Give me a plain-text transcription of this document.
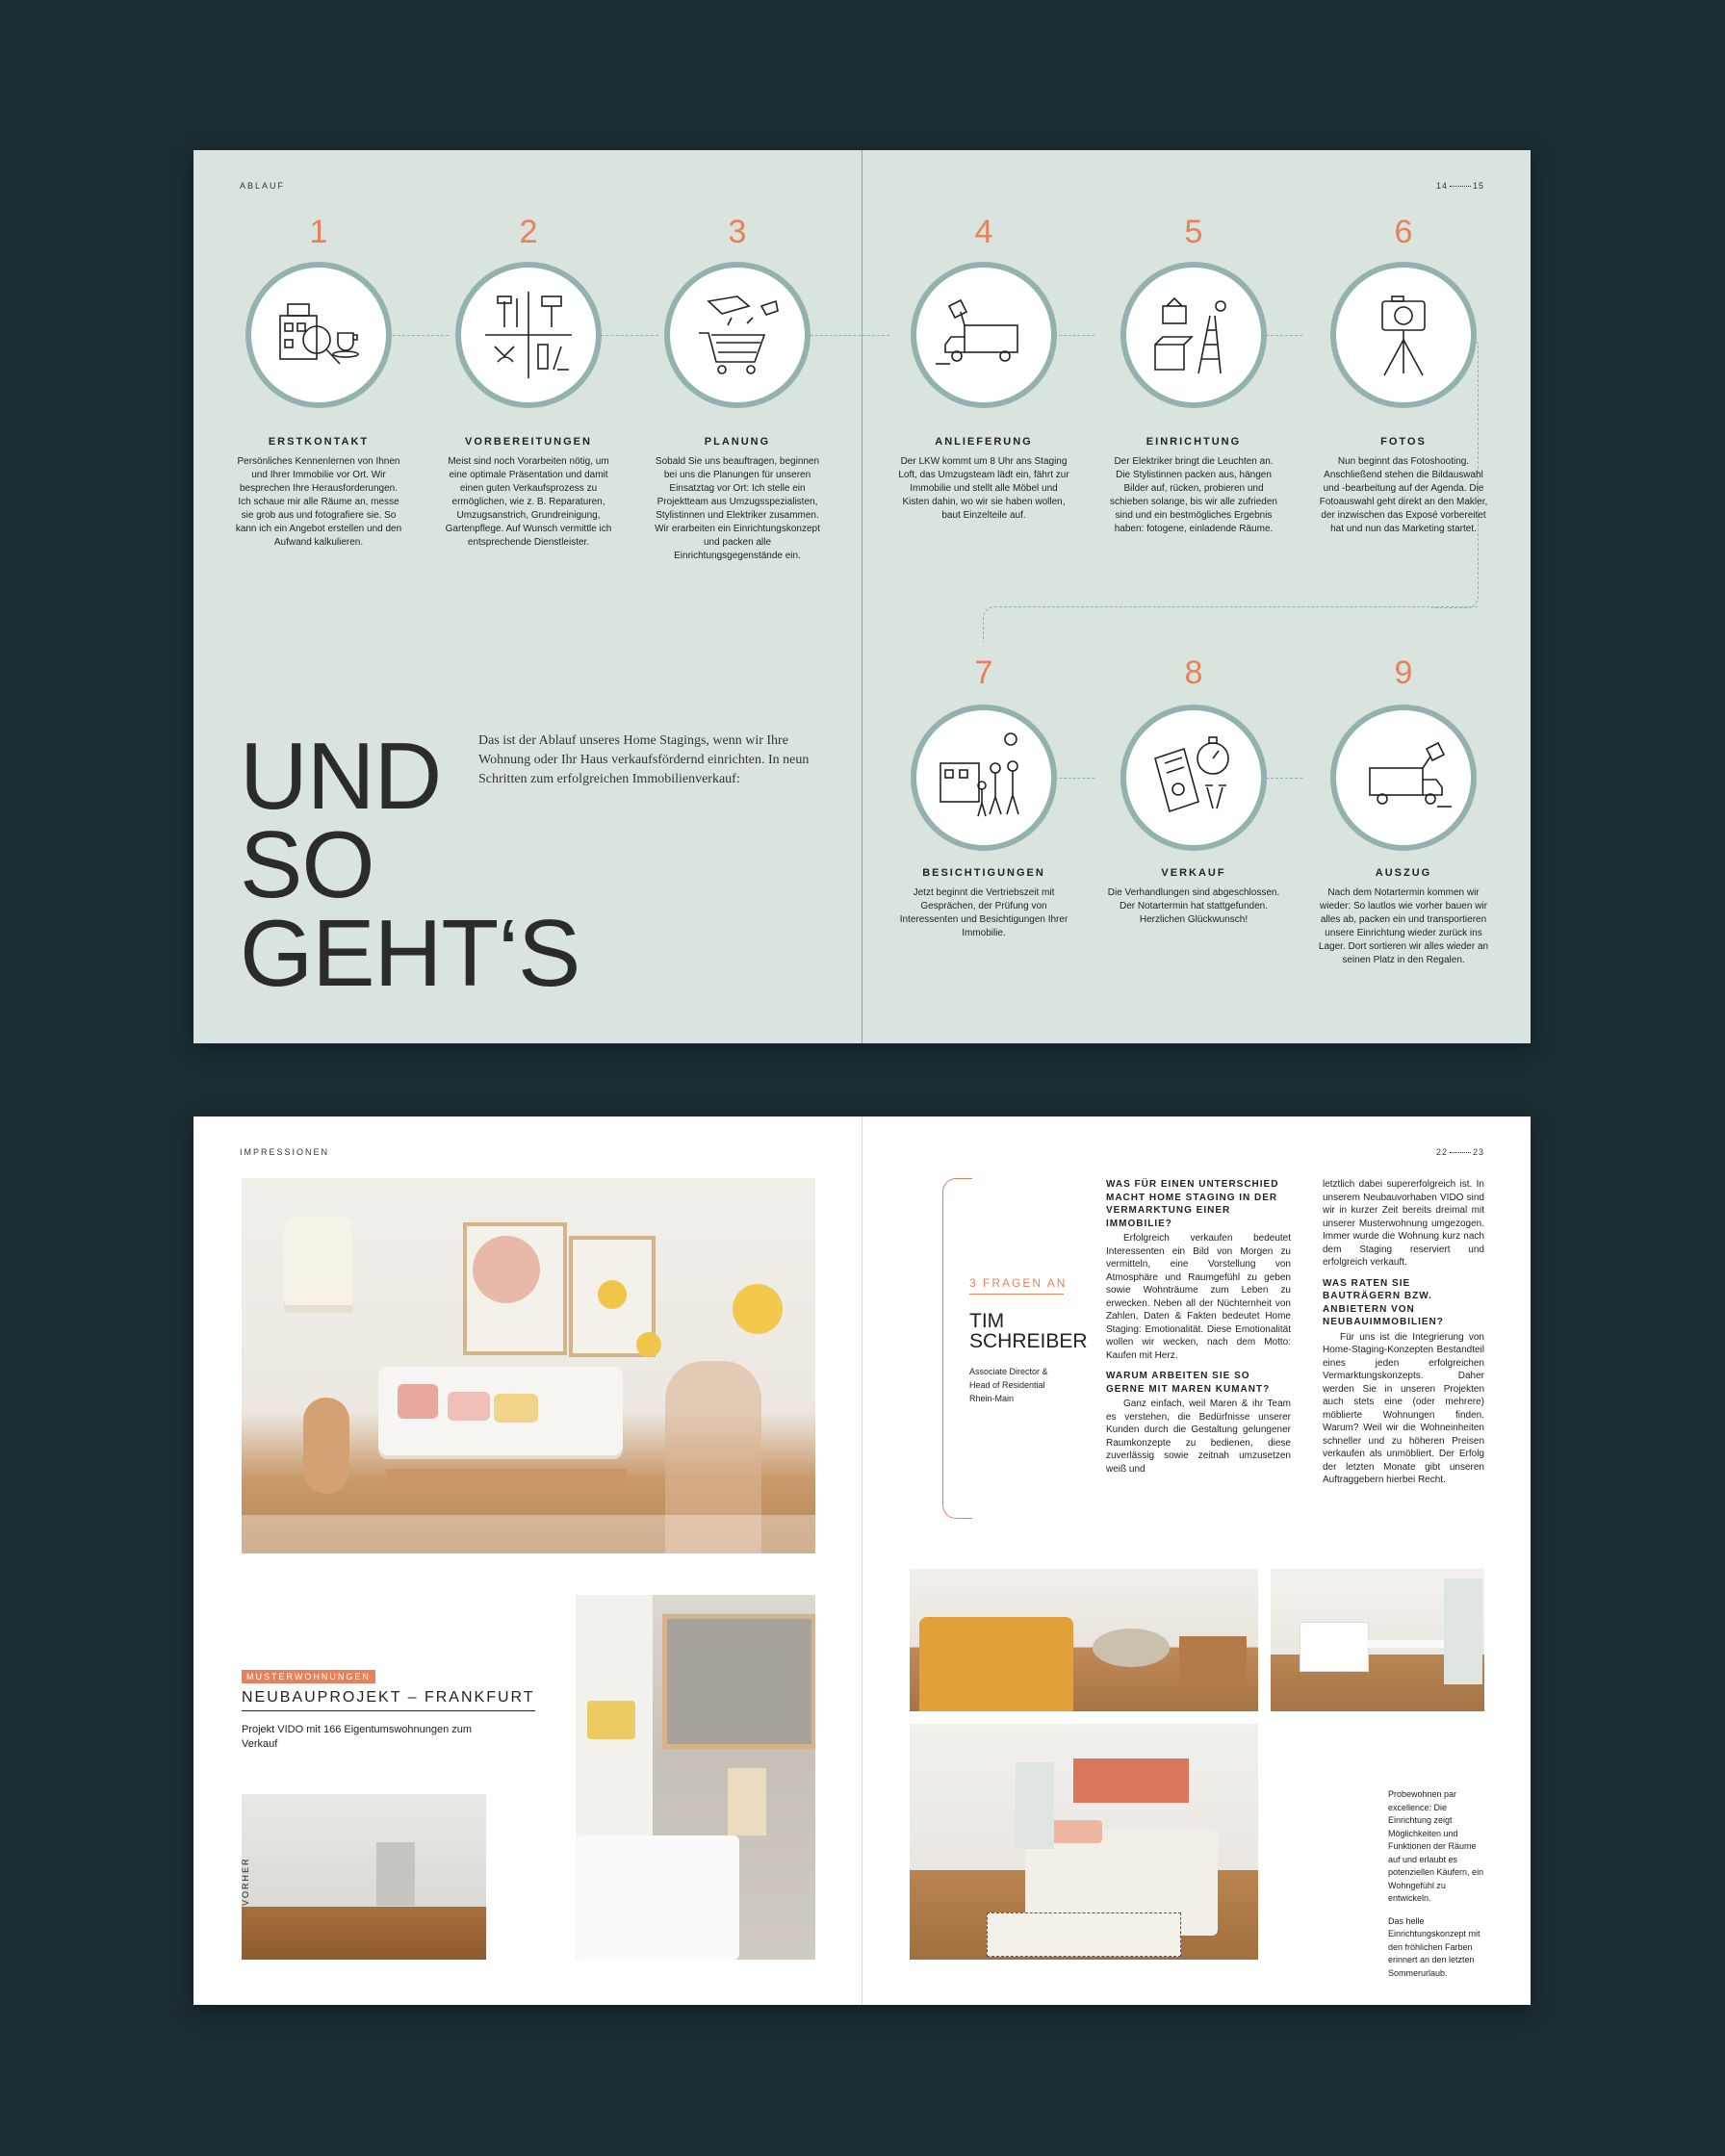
ABLAUF	14	15
1	2	3	4	5	6
7	8	9
ERSTKONTAKT
Persönliches Kennenlernen von Ihnen und Ihrer Immobilie vor Ort. Wir besprechen Ihre Herausforderungen. Ich schaue mir alle Räume an, messe sie grob aus und fotografiere sie. So kann ich ein Angebot erstellen und den Aufwand kalkulieren.
VORBEREITUNGEN
Meist sind noch Vorarbeiten nötig, um eine optimale Präsentation und damit einen guten Verkaufsprozess zu ermöglichen, wie z. B. Reparaturen, Umzugsanstrich, Grundreinigung, Gartenpflege. Auf Wunsch vermittle ich entsprechende Dienstleister.
PLANUNG
Sobald Sie uns beauftragen, beginnen bei uns die Planungen für unseren Einsatztag vor Ort: Ich stelle ein Projektteam aus Umzugsspezialisten, Stylistinnen und Elektriker zusammen. Wir erarbeiten ein Einrichtungskonzept und packen alle Einrichtungsgegenstände ein.
ANLIEFERUNG
Der LKW kommt um 8 Uhr ans Staging Loft, das Umzugsteam lädt ein, fährt zur Immobilie und stellt alle Möbel und Kisten dahin, wo wir sie haben wollen, baut Einzelteile auf.
EINRICHTUNG
Der Elektriker bringt die Leuchten an. Die Stylistinnen packen aus, hängen Bilder auf, rücken, probieren und schieben solange, bis wir alle zufrieden sind und ein bestmögliches Ergebnis haben: fotogene, einladende Räume.
FOTOS
Nun beginnt das Fotoshooting. Anschließend stehen die Bildauswahl und -bearbeitung auf der Agenda. Die Fotoauswahl geht direkt an den Makler, der inzwischen das Exposé vorbereitet hat und nun das Marketing startet.
BESICHTIGUNGEN
Jetzt beginnt die Vertriebszeit mit Gesprächen, der Prüfung von Interessenten und Besichtigungen Ihrer Immobilie.
VERKAUF
Die Verhandlungen sind abgeschlossen. Der Notartermin hat stattgefunden. Herzlichen Glückwunsch!
AUSZUG
Nach dem Notartermin kommen wir wieder: So lautlos wie vorher bauen wir alles ab, packen ein und transportieren unsere Einrichtung wieder zurück ins Lager. Dort sortieren wir alles wieder an seinen Platz in den Regalen.
UND
SO
GEHT‘S
Das ist der Ablauf unseres Home Stagings, wenn wir Ihre Wohnung oder Ihr Haus verkaufsfördernd einrichten. In neun Schritten zum erfolgreichen Immobilienverkauf:
IMPRESSIONEN	22	23
MUSTERWOHNUNGEN
NEUBAUPROJEKT – FRANKFURT
Projekt VIDO mit 166 Eigentumswohnungen zum Verkauf
VORHER
3 FRAGEN AN
TIM
SCHREIBER
Associate Director & Head of Residential Rhein-Main
WAS FÜR EINEN UNTERSCHIED MACHT HOME STAGING IN DER VERMARKTUNG EINER IMMOBILIE?

Erfolgreich verkaufen bedeutet Interessenten ein Bild von Morgen zu vermitteln, eine Vorstellung von Atmosphäre und Raumgefühl zu geben sowie Wohnträume zum Leben zu erwecken. Neben all der Nüchternheit von Zahlen, Daten & Fakten bedeutet Home Staging: Emotionalität. Diese Emotionalität wollen wir wecken, nach dem Motto: Kaufen mit Herz.

WARUM ARBEITEN SIE SO GERNE MIT MAREN KUMANT?

Ganz einfach, weil Maren & ihr Team es verstehen, die Bedürfnisse unserer Kunden durch die Gestaltung gelungener Raumkonzepte zu bedienen, diese zuverlässig sowie zeitnah umzusetzen weiß und

letztlich dabei supererfolgreich ist. In unserem Neubauvorhaben VIDO sind wir in kurzer Zeit bereits dreimal mit unserer Musterwohnung umgezogen. Immer wurde die Wohnung kurz nach dem Staging reserviert und erfolgreich verkauft.

WAS RATEN SIE BAUTRÄGERN BZW. ANBIETERN VON NEUBAUIMMOBILIEN?

Für uns ist die Integrierung von Home-Staging-Konzepten Bestandteil eines jeden erfolgreichen Vermarktungskonzepts. Daher werden Sie in unseren Projekten auch stets eine (oder mehrere) möblierte Wohnungen finden. Warum? Weil wir die Wohneinheiten schneller und zu höheren Preisen verkaufen als unmöbliert. Der Erfolg der letzten Monate gibt unseren Auftraggebern hierbei Recht.

Probewohnen par excellence: Die Einrichtung zeigt Möglichkeiten und Funktionen der Räume auf und erlaubt es potenziellen Käufern, ein Wohngefühl zu entwickeln.

Das helle Einrichtungskonzept mit den fröhlichen Farben erinnert an den letzten Sommerurlaub.
